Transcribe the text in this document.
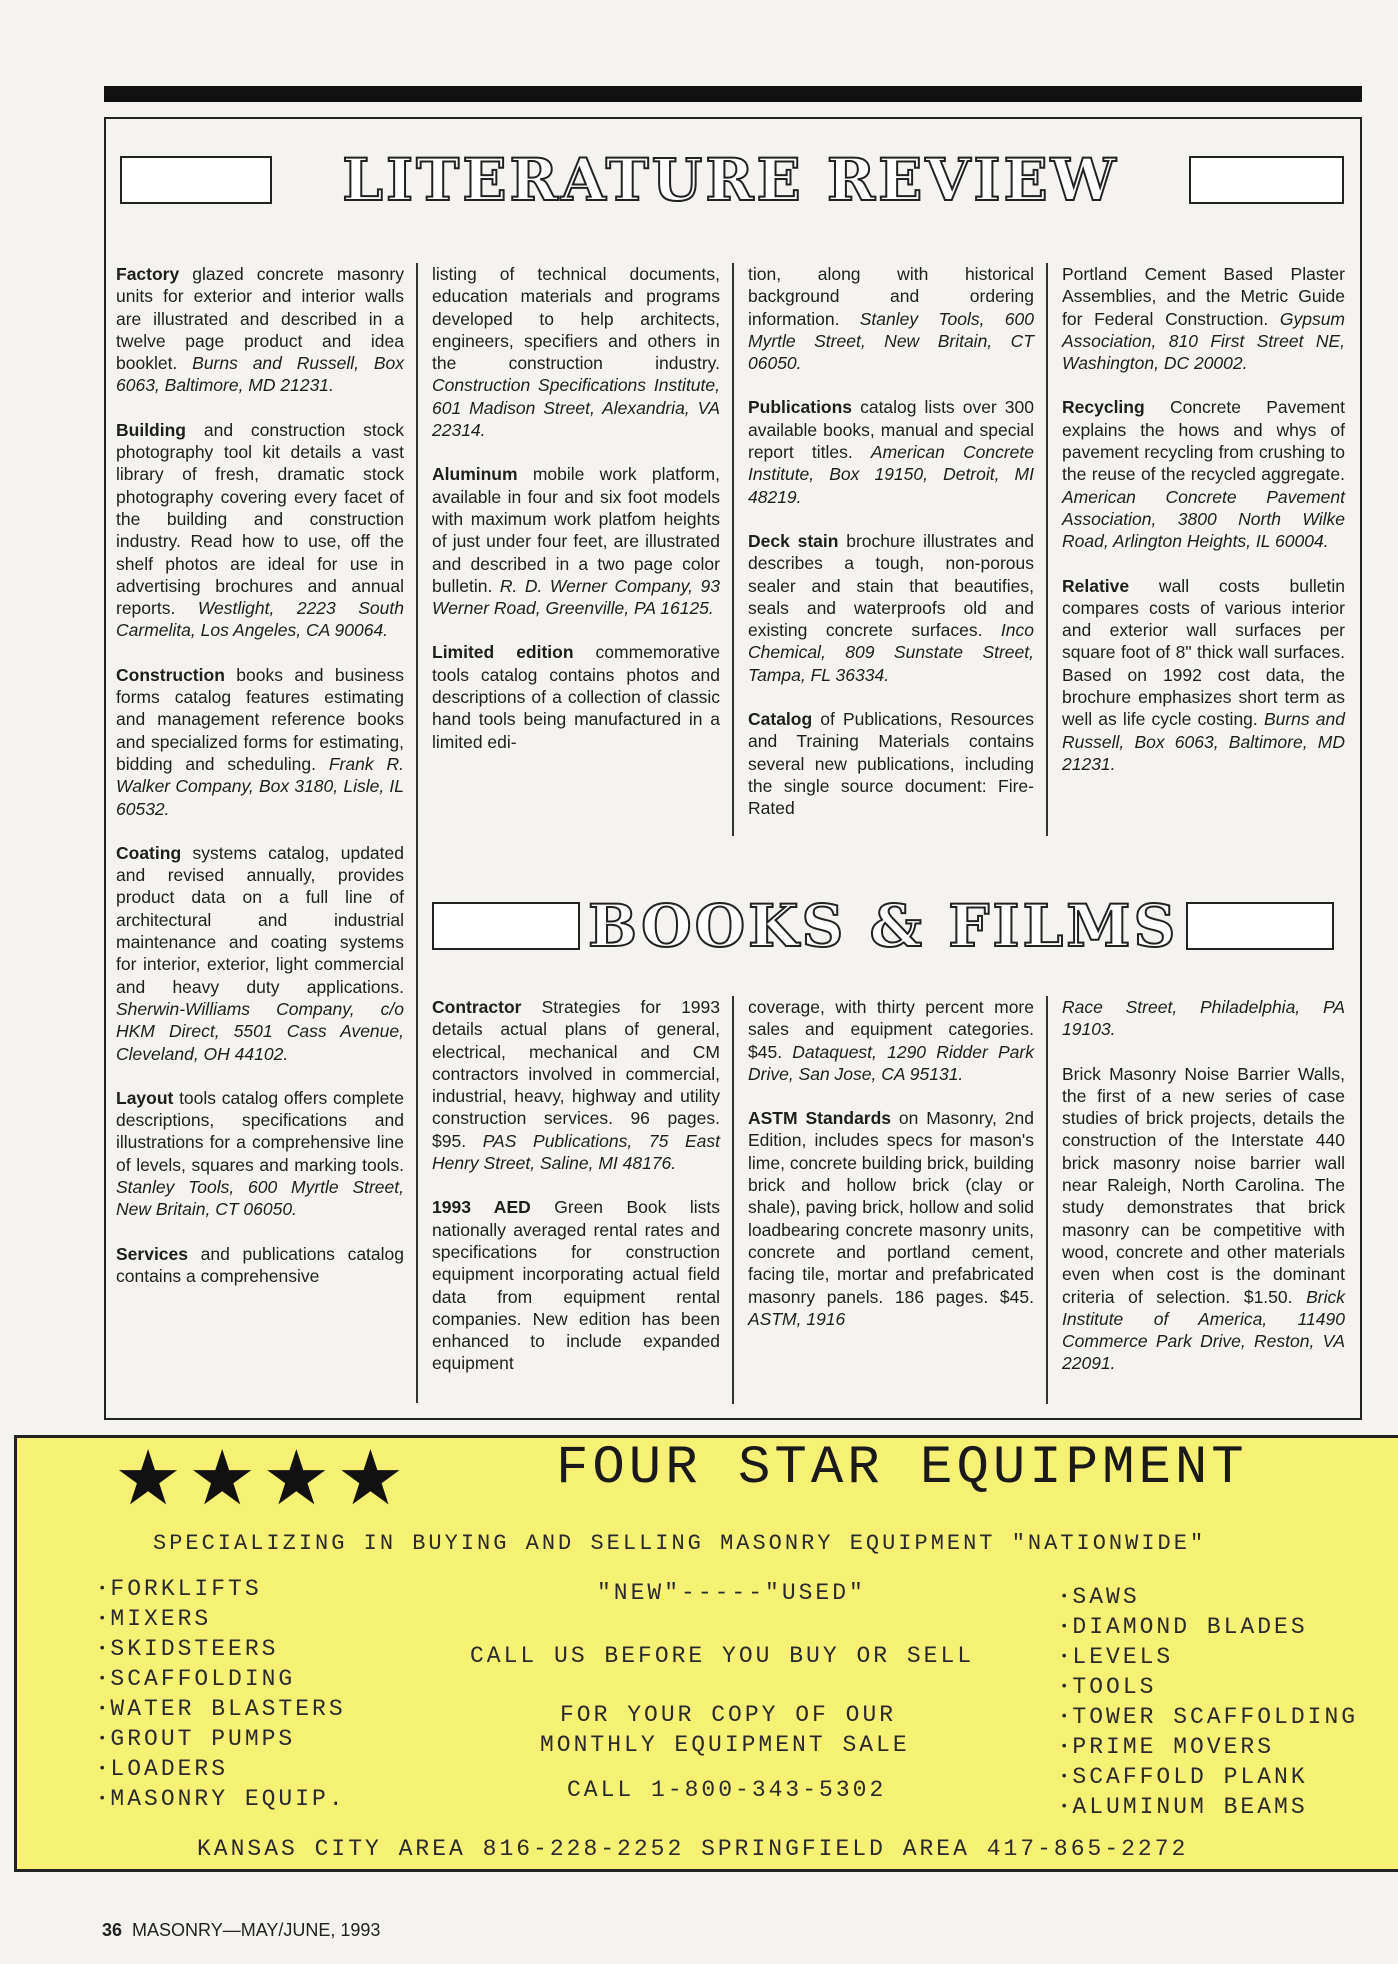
LITERATURE REVIEW

Factory glazed concrete masonry units for exterior and interior walls are illustrated and described in a twelve page product and idea booklet. Burns and Russell, Box 6063, Baltimore, MD 21231.

Building and construction stock photography tool kit details a vast library of fresh, dramatic stock photography covering every facet of the building and construction industry. Read how to use, off the shelf photos are ideal for use in advertising brochures and annual reports. Westlight, 2223 South Carmelita, Los Angeles, CA 90064.

Construction books and business forms catalog features estimating and management reference books and specialized forms for estimating, bidding and scheduling. Frank R. Walker Company, Box 3180, Lisle, IL 60532.

Coating systems catalog, updated and revised annually, provides product data on a full line of architectural and industrial maintenance and coating systems for interior, exterior, light commercial and heavy duty applications. Sherwin-Williams Company, c/o HKM Direct, 5501 Cass Avenue, Cleveland, OH 44102.

Layout tools catalog offers complete descriptions, specifications and illustrations for a comprehensive line of levels, squares and marking tools. Stanley Tools, 600 Myrtle Street, New Britain, CT 06050.

Services and publications catalog contains a comprehensive

listing of technical documents, education materials and programs developed to help architects, engineers, specifiers and others in the construction industry. Construction Specifications Institute, 601 Madison Street, Alexandria, VA 22314.

Aluminum mobile work platform, available in four and six foot models with maximum work platfom heights of just under four feet, are illustrated and described in a two page color bulletin. R. D. Werner Company, 93 Werner Road, Greenville, PA 16125.

Limited edition commemorative tools catalog contains photos and descriptions of a collection of classic hand tools being manufactured in a limited edi-

tion, along with historical background and ordering information. Stanley Tools, 600 Myrtle Street, New Britain, CT 06050.

Publications catalog lists over 300 available books, manual and special report titles. American Concrete Institute, Box 19150, Detroit, MI 48219.

Deck stain brochure illustrates and describes a tough, non-porous sealer and stain that beautifies, seals and waterproofs old and existing concrete surfaces. Inco Chemical, 809 Sunstate Street, Tampa, FL 36334.

Catalog of Publications, Resources and Training Materials contains several new publications, including the single source document: Fire-Rated

Portland Cement Based Plaster Assemblies, and the Metric Guide for Federal Construction. Gypsum Association, 810 First Street NE, Washington, DC 20002.

Recycling Concrete Pavement explains the hows and whys of pavement recycling from crushing to the reuse of the recycled aggregate. American Concrete Pavement Association, 3800 North Wilke Road, Arlington Heights, IL 60004.

Relative wall costs bulletin compares costs of various interior and exterior wall surfaces per square foot of 8" thick wall surfaces. Based on 1992 cost data, the brochure emphasizes short term as well as life cycle costing. Burns and Russell, Box 6063, Baltimore, MD 21231.

BOOKS & FILMS

Contractor Strategies for 1993 details actual plans of general, electrical, mechanical and CM contractors involved in commercial, industrial, heavy, highway and utility construction services. 96 pages. $95. PAS Publications, 75 East Henry Street, Saline, MI 48176.

1993 AED Green Book lists nationally averaged rental rates and specifications for construction equipment incorporating actual field data from equipment rental companies. New edition has been enhanced to include expanded equipment

coverage, with thirty percent more sales and equipment categories. $45. Dataquest, 1290 Ridder Park Drive, San Jose, CA 95131.

ASTM Standards on Masonry, 2nd Edition, includes specs for mason's lime, concrete building brick, building brick and hollow brick (clay or shale), paving brick, hollow and solid loadbearing concrete masonry units, concrete and portland cement, facing tile, mortar and prefabricated masonry panels. 186 pages. $45. ASTM, 1916

Race Street, Philadelphia, PA 19103.

Brick Masonry Noise Barrier Walls, the first of a new series of case studies of brick projects, details the construction of the Interstate 440 brick masonry noise barrier wall near Raleigh, North Carolina. The study demonstrates that brick masonry can be competitive with wood, concrete and other materials even when cost is the dominant criteria of selection. $1.50. Brick Institute of America, 11490 Commerce Park Drive, Reston, VA 22091.

★★★★	FOUR STAR EQUIPMENT
SPECIALIZING IN BUYING AND SELLING MASONRY EQUIPMENT "NATIONWIDE"
• FORKLIFTS
• MIXERS
• SKIDSTEERS
• SCAFFOLDING
• WATER BLASTERS
• GROUT PUMPS
• LOADERS
• MASONRY EQUIP.
• SAWS
• DIAMOND BLADES
• LEVELS
• TOOLS
• TOWER SCAFFOLDING
• PRIME MOVERS
• SCAFFOLD PLANK
• ALUMINUM BEAMS
"NEW"-----"USED"
CALL US BEFORE YOU BUY OR SELL
FOR YOUR COPY OF OUR
MONTHLY EQUIPMENT SALE
CALL 1-800-343-5302
KANSAS CITY AREA 816-228-2252 SPRINGFIELD AREA 417-865-2272
36 MASONRY—MAY/JUNE, 1993
